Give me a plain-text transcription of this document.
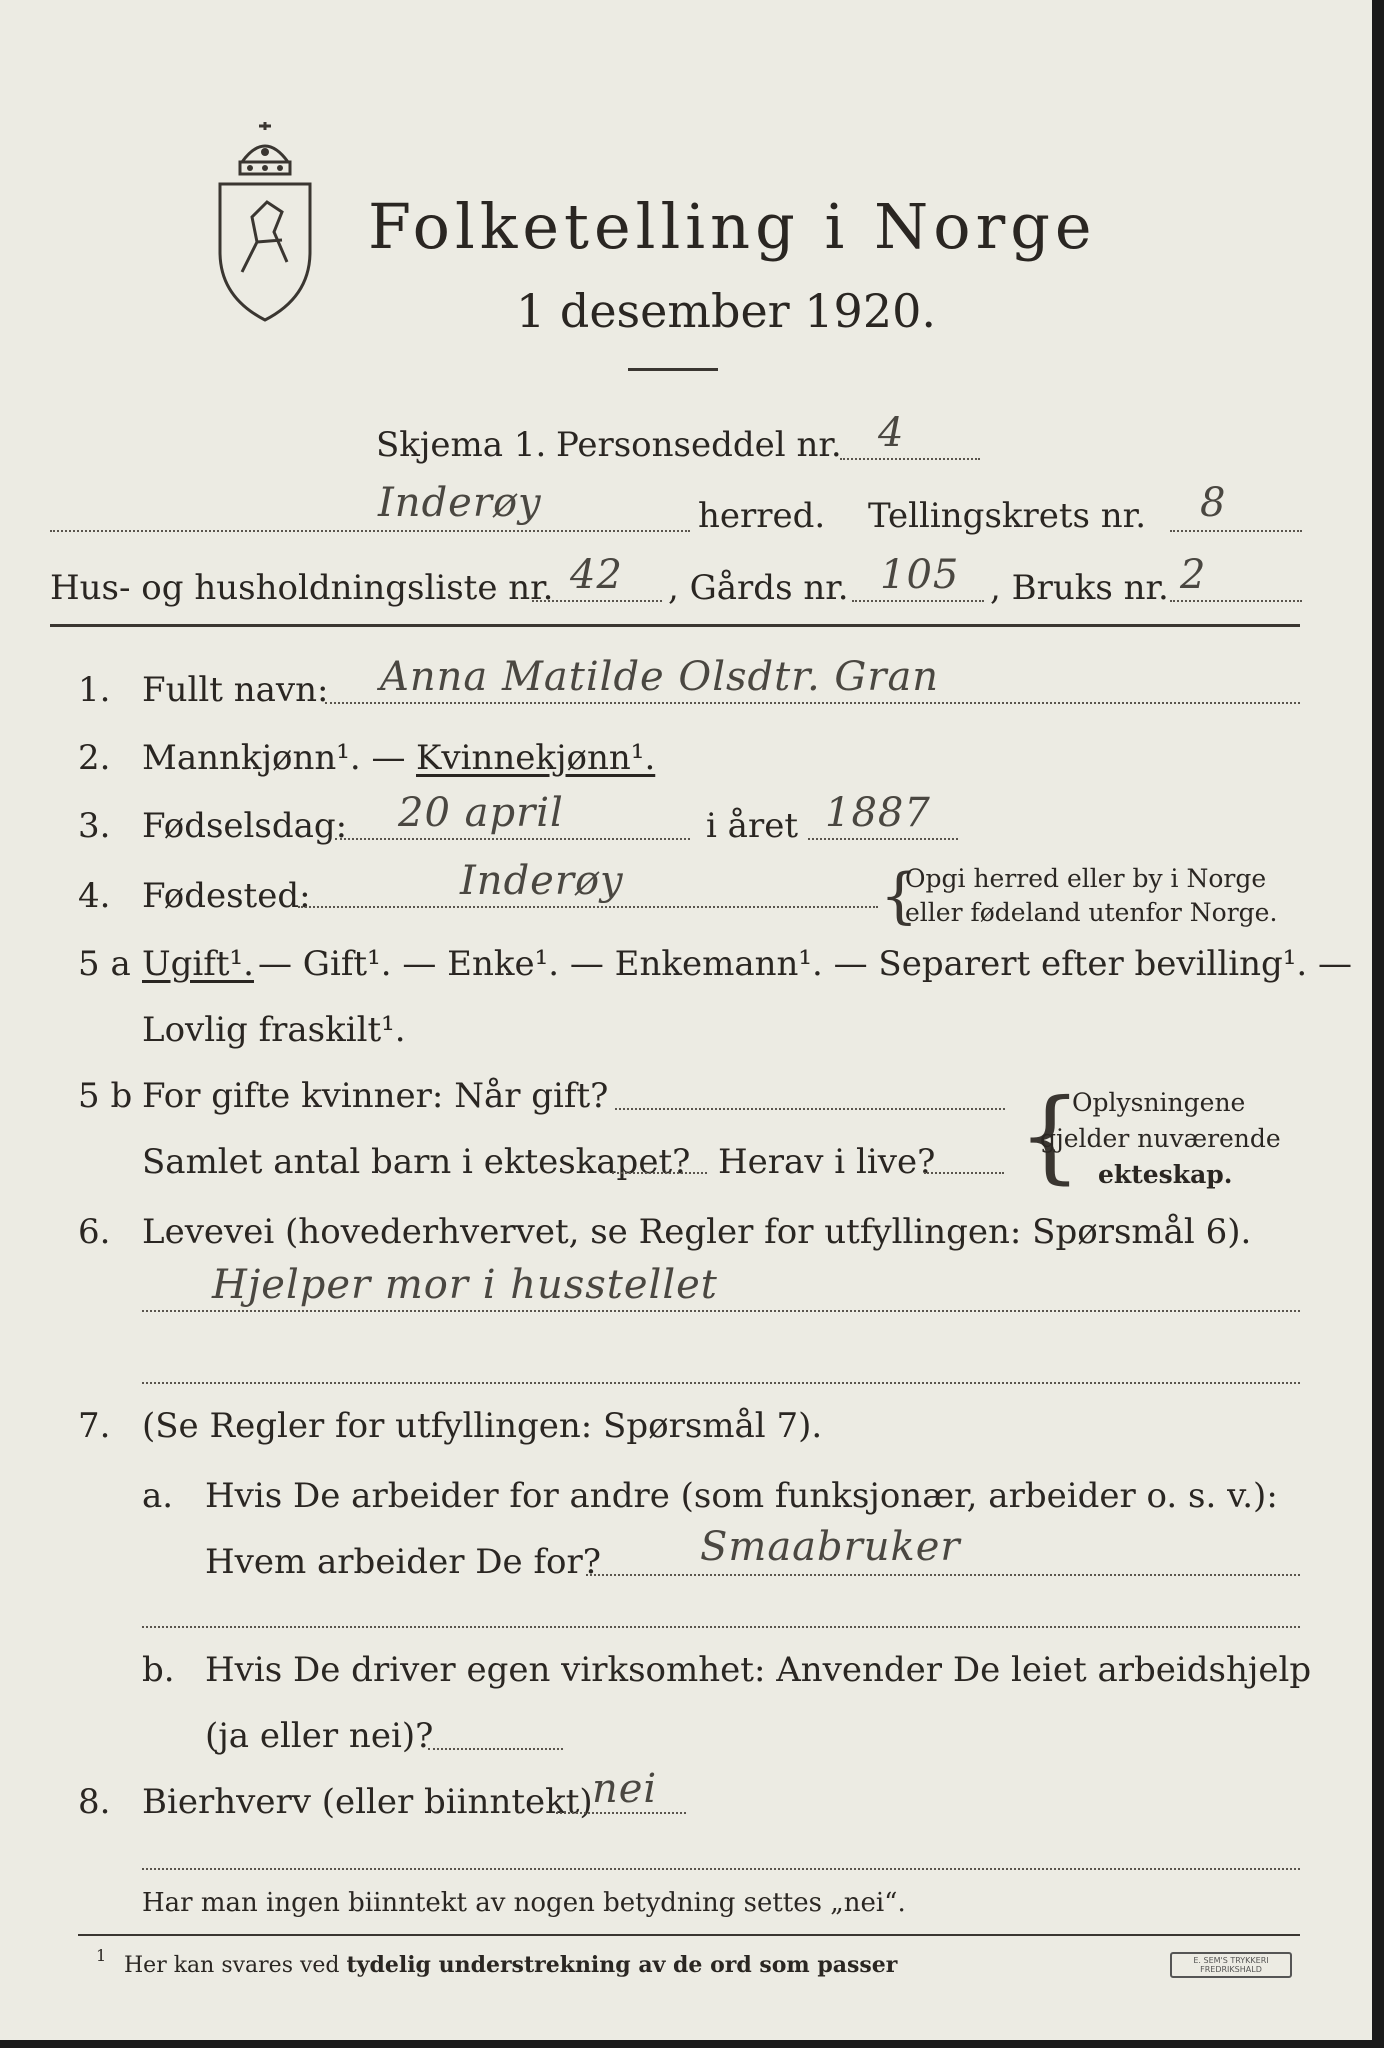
Folketelling i Norge
1 desember 1920.
Skjema 1. Personseddel nr. 4
Inderøy	herred. Tellingskrets nr. 8
Hus- og husholdningsliste nr. 42 , Gårds nr. 105 , Bruks nr. 2
1. Fullt navn: Anna Matilde Olsdtr. Gran
2. Mannkjønn¹. — Kvinnekjønn¹.
3. Fødselsdag: 20 april	i året 1887
4. Fødested:	Inderøy	{
Opgi herred eller by i Norge
eller fødeland utenfor Norge.
5 a Ugift¹. — Gift¹. — Enke¹. — Enkemann¹. — Separert efter bevilling¹. —
Lovlig fraskilt¹.
5 b For gifte kvinner: Når gift?
Samlet antal barn i ekteskapet? Herav i live? {
Oplysningene
gjelder nuværende
ekteskap.
6. Levevei (hovederhvervet, se Regler for utfyllingen: Spørsmål 6).
Hjelper mor i husstellet
7. (Se Regler for utfyllingen: Spørsmål 7).
a. Hvis De arbeider for andre (som funksjonær, arbeider o. s. v.):
Hvem arbeider De for? Smaabruker
b. Hvis De driver egen virksomhet: Anvender De leiet arbeidshjelp
(ja eller nei)?
8. Bierhverv (eller biinntekt) nei
Har man ingen biinntekt av nogen betydning settes „nei“.
1 Her kan svares ved tydelig understrekning av de ord som passer	E. SEM'S TRYKKERI FREDRIKSHALD
